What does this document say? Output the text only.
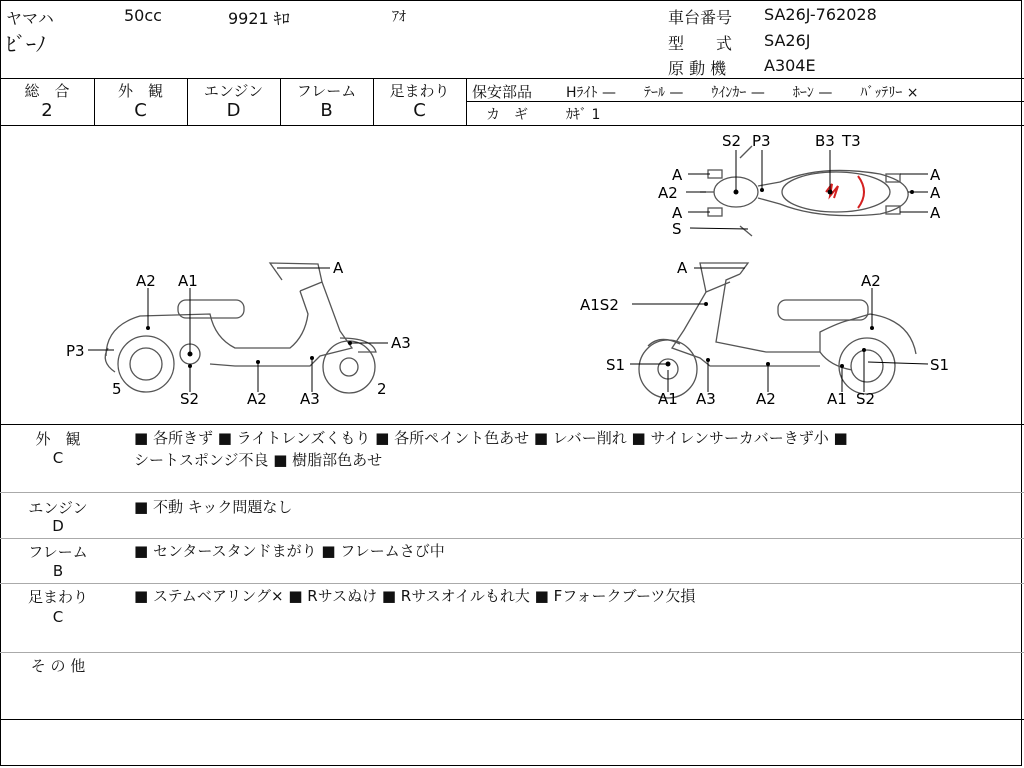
ヤマハ	50cc	9921 ｷﾛ	ｱｵ
ﾋﾞｰﾉ
車台番号 SA26J-762028
型　　式 SA26J
原 動 機 A304E
総　合
2
外　観
C
エンジン
D
フレーム
B
足まわり
C
保安部品 Hﾗｲﾄ —　　ﾃｰﾙ —　　ｳｲﾝｶｰ —　　ﾎｰﾝ —　　ﾊﾞｯﾃﾘｰ ×
カ　ギ	ｶｷﾞ 1
S2 P3	B3 T3
A
A2
A
S
A
A
A
A2 A1
A
P3	A3
5
S2	A2 A3
2
A
A2
A1S2
S1	S1
A1 A3	A2	A1 S2
外　観
C
■ 各所きず ■ ライトレンズくもり ■ 各所ペイント色あせ ■ レバー削れ ■ サイレンサーカバーきず小 ■
シートスポンジ不良 ■ 樹脂部色あせ
エンジン
D
■ 不動 キック問題なし
フレーム
B
■ センタースタンドまがり ■ フレームさび中
足まわり
C
■ ステムベアリング× ■ Rサスぬけ ■ Rサスオイルもれ大 ■ Fフォークブーツ欠損
そ の 他
